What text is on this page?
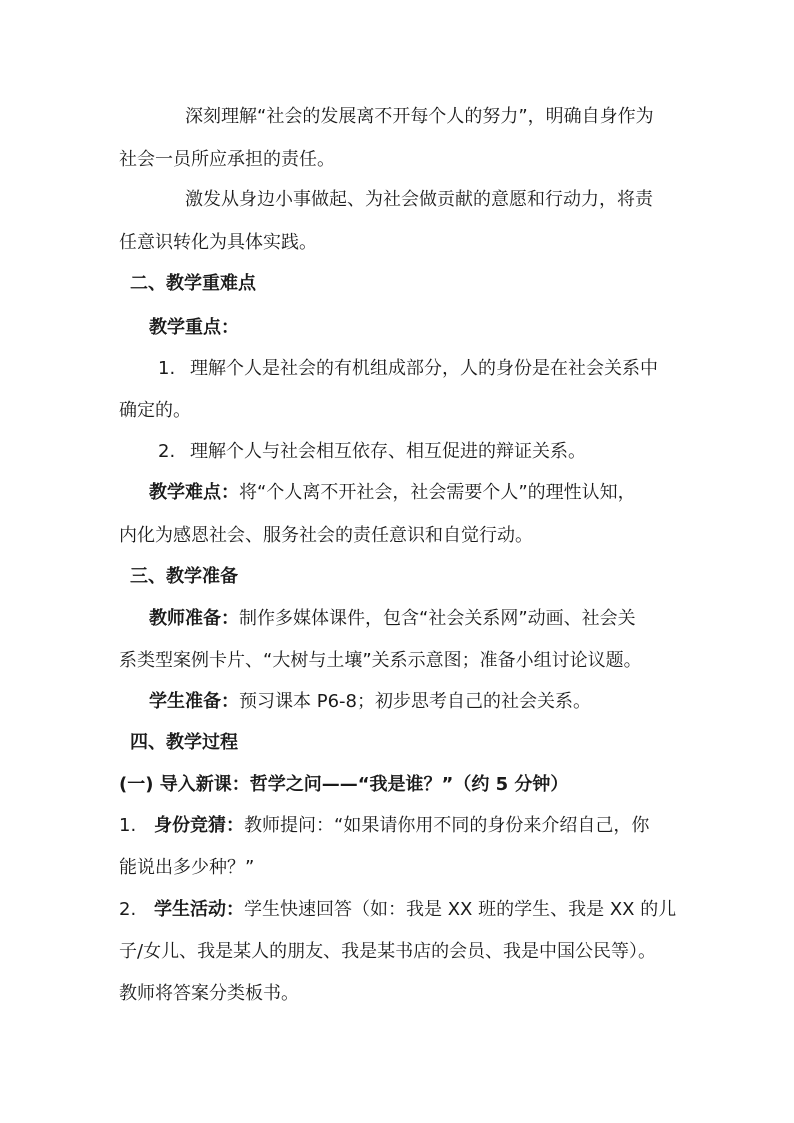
深刻理解“社会的发展离不开每个人的努力”，明确自身作为
社会一员所应承担的责任。
激发从身边小事做起、为社会做贡献的意愿和行动力，将责
任意识转化为具体实践。
二、教学重难点
教学重点：
1. 理解个人是社会的有机组成部分，人的身份是在社会关系中
确定的。
2. 理解个人与社会相互依存、相互促进的辩证关系。
教学难点：将“个人离不开社会，社会需要个人”的理性认知，
内化为感恩社会、服务社会的责任意识和自觉行动。
三、教学准备
教师准备：制作多媒体课件，包含“社会关系网”动画、社会关
系类型案例卡片、“大树与土壤”关系示意图；准备小组讨论议题。
学生准备：预习课本 P6-8；初步思考自己的社会关系。
四、教学过程
(一) 导入新课：哲学之问——“我是谁？”（约 5 分钟）
1. 身份竞猜：教师提问：“如果请你用不同的身份来介绍自己，你
能说出多少种？”
2. 学生活动：学生快速回答（如：我是 XX 班的学生、我是 XX 的儿
子/女儿、我是某人的朋友、我是某书店的会员、我是中国公民等）。
教师将答案分类板书。
